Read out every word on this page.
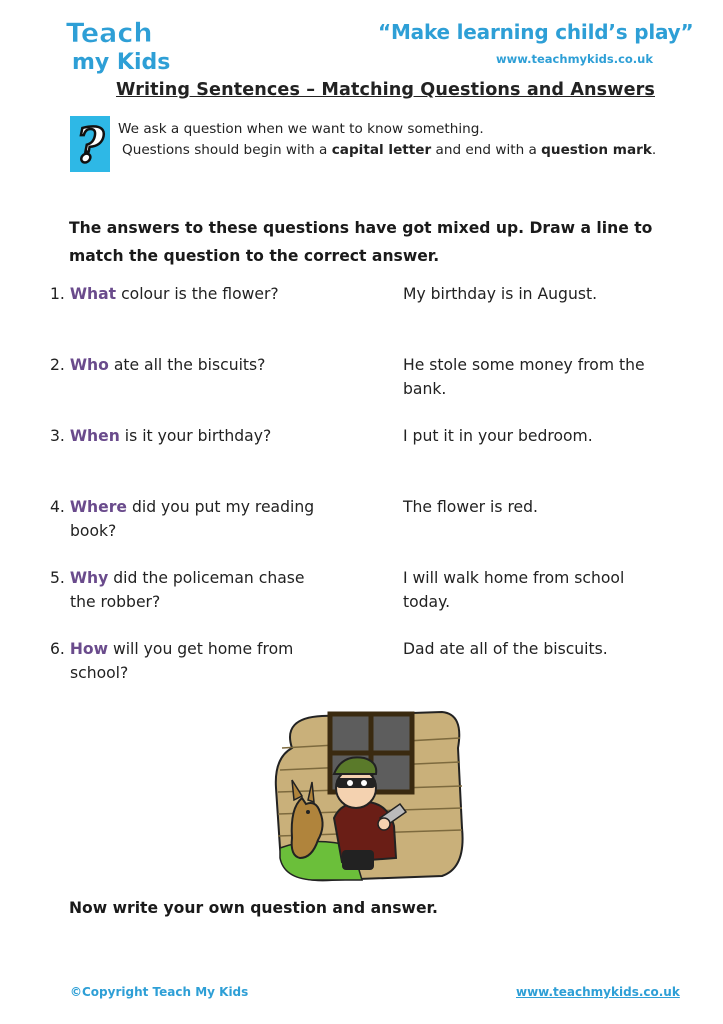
Teach
my Kids
“Make learning child’s play”
www.teachmykids.co.uk
Writing Sentences – Matching Questions and Answers
? We ask a question when we want to know something.
Questions should begin with a capital letter and end with a question mark.
The answers to these questions have got mixed up. Draw a line to match the question to the correct answer.
1. What colour is the flower?
2. Who ate all the biscuits?
3. When is it your birthday?
4. Where did you put my reading
book?
5. Why did the policeman chase
the robber?
6. How will you get home from
school?
My birthday is in August.
He stole some money from the
bank.
I put it in your bedroom.
The flower is red.
I will walk home from school
today.
Dad ate all of the biscuits.
Now write your own question and answer.
©Copyright Teach My Kids	www.teachmykids.co.uk
